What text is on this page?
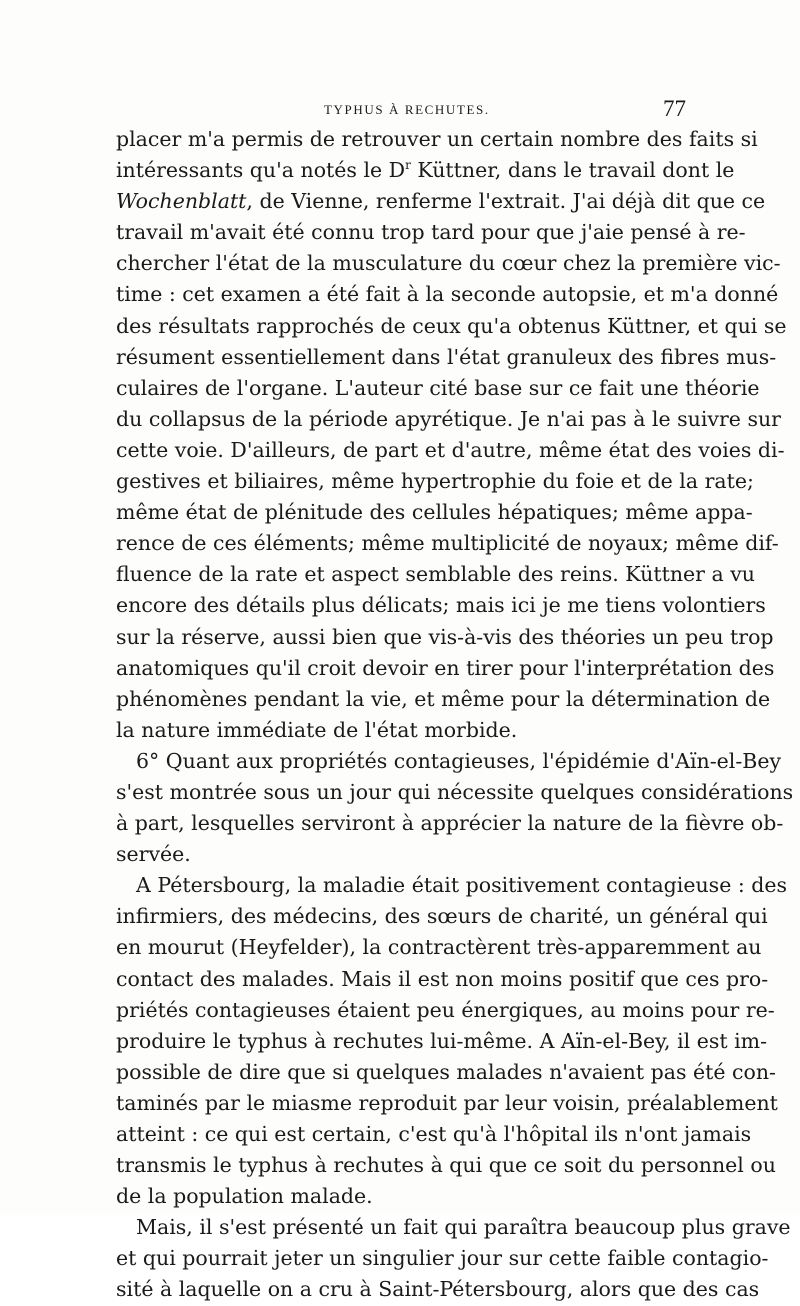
TYPHUS À RECHUTES.	77
placer m'a permis de retrouver un certain nombre des faits si
intéressants qu'a notés le $D^r$ Küttner, dans le travail dont le
Wochenblatt, de Vienne, renferme l'extrait. J'ai déjà dit que ce
travail m'avait été connu trop tard pour que j'aie pensé à re-
chercher l'état de la musculature du cœur chez la première vic-
time : cet examen a été fait à la seconde autopsie, et m'a donné
des résultats rapprochés de ceux qu'a obtenus Küttner, et qui se
résument essentiellement dans l'état granuleux des fibres mus-
culaires de l'organe. L'auteur cité base sur ce fait une théorie
du collapsus de la période apyrétique. Je n'ai pas à le suivre sur
cette voie. D'ailleurs, de part et d'autre, même état des voies di-
gestives et biliaires, même hypertrophie du foie et de la rate;
même état de plénitude des cellules hépatiques; même appa-
rence de ces éléments; même multiplicité de noyaux; même dif-
fluence de la rate et aspect semblable des reins. Küttner a vu
encore des détails plus délicats; mais ici je me tiens volontiers
sur la réserve, aussi bien que vis-à-vis des théories un peu trop
anatomiques qu'il croit devoir en tirer pour l'interprétation des
phénomènes pendant la vie, et même pour la détermination de
la nature immédiate de l'état morbide.
6° Quant aux propriétés contagieuses, l'épidémie d'Aïn-el-Bey
s'est montrée sous un jour qui nécessite quelques considérations
à part, lesquelles serviront à apprécier la nature de la fièvre ob-
servée.
A Pétersbourg, la maladie était positivement contagieuse : des
infirmiers, des médecins, des sœurs de charité, un général qui
en mourut (Heyfelder), la contractèrent très-apparemment au
contact des malades. Mais il est non moins positif que ces pro-
priétés contagieuses étaient peu énergiques, au moins pour re-
produire le typhus à rechutes lui-même. A Aïn-el-Bey, il est im-
possible de dire que si quelques malades n'avaient pas été con-
taminés par le miasme reproduit par leur voisin, préalablement
atteint : ce qui est certain, c'est qu'à l'hôpital ils n'ont jamais
transmis le typhus à rechutes à qui que ce soit du personnel ou
de la population malade.
Mais, il s'est présenté un fait qui paraîtra beaucoup plus grave
et qui pourrait jeter un singulier jour sur cette faible contagio-
sité à laquelle on a cru à Saint-Pétersbourg, alors que des cas
